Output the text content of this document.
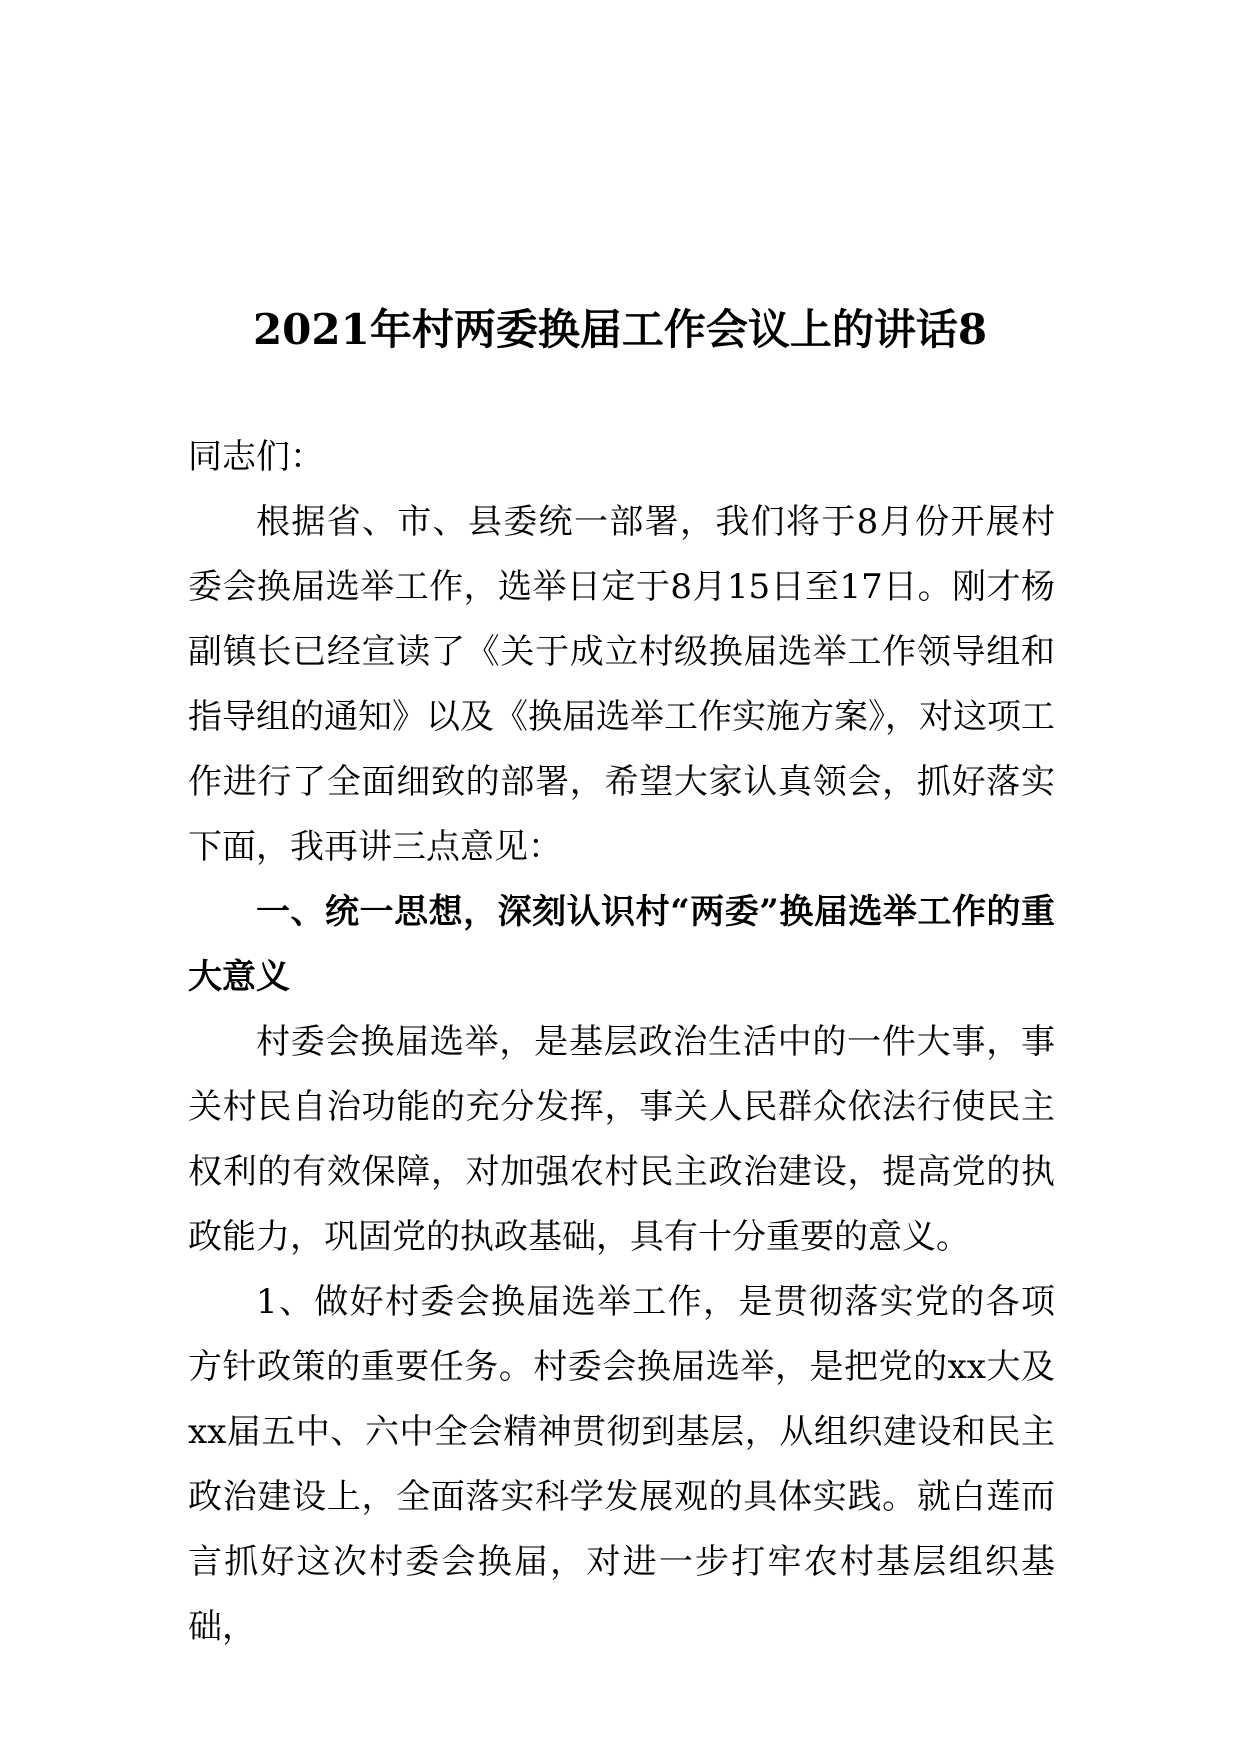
2021年村两委换届工作会议上的讲话8

同志们：

根据省、市、县委统一部署，我们将于8月份开展村委会换届选举工作，选举日定于8月15日至17日。刚才杨副镇长已经宣读了《关于成立村级换届选举工作领导组和指导组的通知》以及《换届选举工作实施方案》，对这项工作进行了全面细致的部署，希望大家认真领会，抓好落实下面，我再讲三点意见：

一、统一思想，深刻认识村“两委”换届选举工作的重大意义

村委会换届选举，是基层政治生活中的一件大事，事关村民自治功能的充分发挥，事关人民群众依法行使民主权利的有效保障，对加强农村民主政治建设，提高党的执政能力，巩固党的执政基础，具有十分重要的意义。

1、做好村委会换届选举工作，是贯彻落实党的各项方针政策的重要任务。村委会换届选举，是把党的xx大及xx届五中、六中全会精神贯彻到基层，从组织建设和民主政治建设上，全面落实科学发展观的具体实践。就白莲而言抓好这次村委会换届，对进一步打牢农村基层组织基础，
